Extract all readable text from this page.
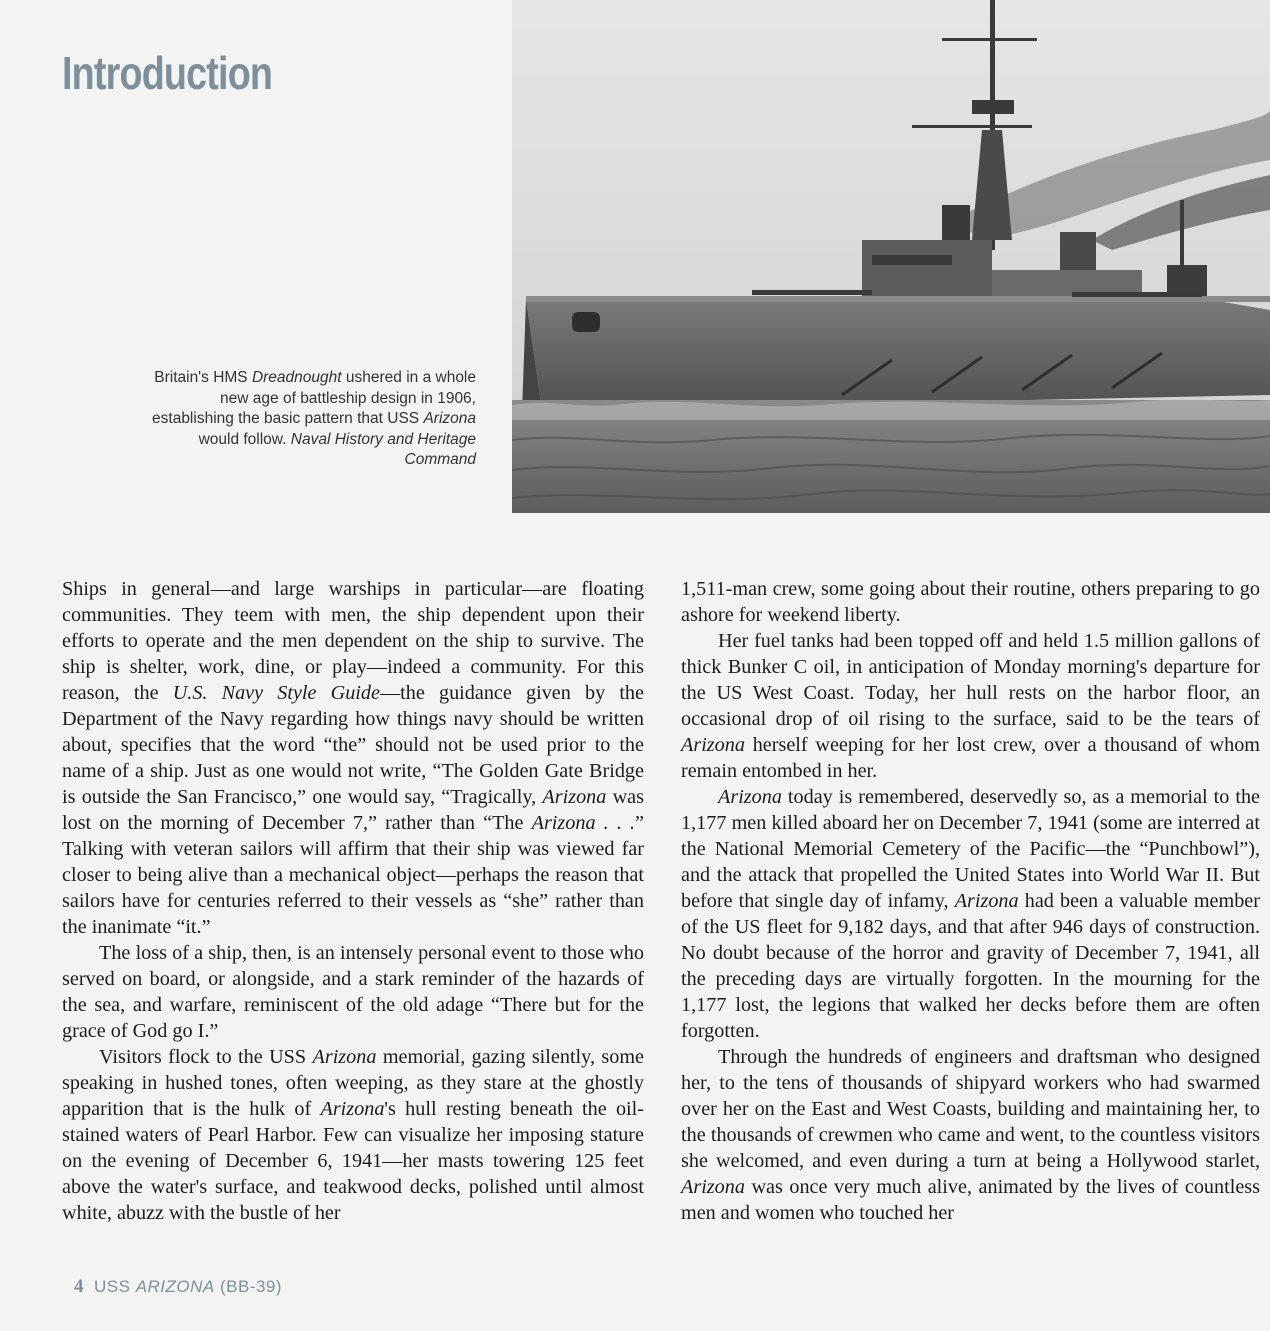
Introduction
Britain's HMS Dreadnought ushered in a whole new age of battleship design in 1906, establishing the basic pattern that USS Arizona would follow. Naval History and Heritage Command

Ships in general—and large warships in particular—are floating communities. They teem with men, the ship dependent upon their efforts to operate and the men dependent on the ship to survive. The ship is shelter, work, dine, or play—indeed a community. For this reason, the U.S. Navy Style Guide—the guidance given by the Department of the Navy regarding how things navy should be written about, specifies that the word “the” should not be used prior to the name of a ship. Just as one would not write, “The Golden Gate Bridge is outside the San Francisco,” one would say, “Tragically, Arizona was lost on the morning of December 7,” rather than “The Arizona . . .” Talking with veteran sailors will affirm that their ship was viewed far closer to being alive than a mechanical object—perhaps the reason that sailors have for centuries referred to their vessels as “she” rather than the inanimate “it.”

The loss of a ship, then, is an intensely personal event to those who served on board, or alongside, and a stark reminder of the hazards of the sea, and warfare, reminiscent of the old adage “There but for the grace of God go I.”

Visitors flock to the USS Arizona memorial, gazing silently, some speaking in hushed tones, often weeping, as they stare at the ghostly apparition that is the hulk of Arizona's hull resting beneath the oil-stained waters of Pearl Harbor. Few can visualize her imposing stature on the evening of December 6, 1941—her masts towering 125 feet above the water's surface, and teakwood decks, polished until almost white, abuzz with the bustle of her

1,511-man crew, some going about their routine, others preparing to go ashore for weekend liberty.

Her fuel tanks had been topped off and held 1.5 million gallons of thick Bunker C oil, in anticipation of Monday morning's departure for the US West Coast. Today, her hull rests on the harbor floor, an occasional drop of oil rising to the surface, said to be the tears of Arizona herself weeping for her lost crew, over a thousand of whom remain entombed in her.

Arizona today is remembered, deservedly so, as a memorial to the 1,177 men killed aboard her on December 7, 1941 (some are interred at the National Memorial Cemetery of the Pacific—the “Punchbowl”), and the attack that propelled the United States into World War II. But before that single day of infamy, Arizona had been a valuable member of the US fleet for 9,182 days, and that after 946 days of construction. No doubt because of the horror and gravity of December 7, 1941, all the preceding days are virtually forgotten. In the mourning for the 1,177 lost, the legions that walked her decks before them are often forgotten.

Through the hundreds of engineers and draftsman who designed her, to the tens of thousands of shipyard workers who had swarmed over her on the East and West Coasts, building and maintaining her, to the thousands of crewmen who came and went, to the countless visitors she welcomed, and even during a turn at being a Hollywood starlet, Arizona was once very much alive, animated by the lives of countless men and women who touched her

4 USS ARIZONA (BB-39)
